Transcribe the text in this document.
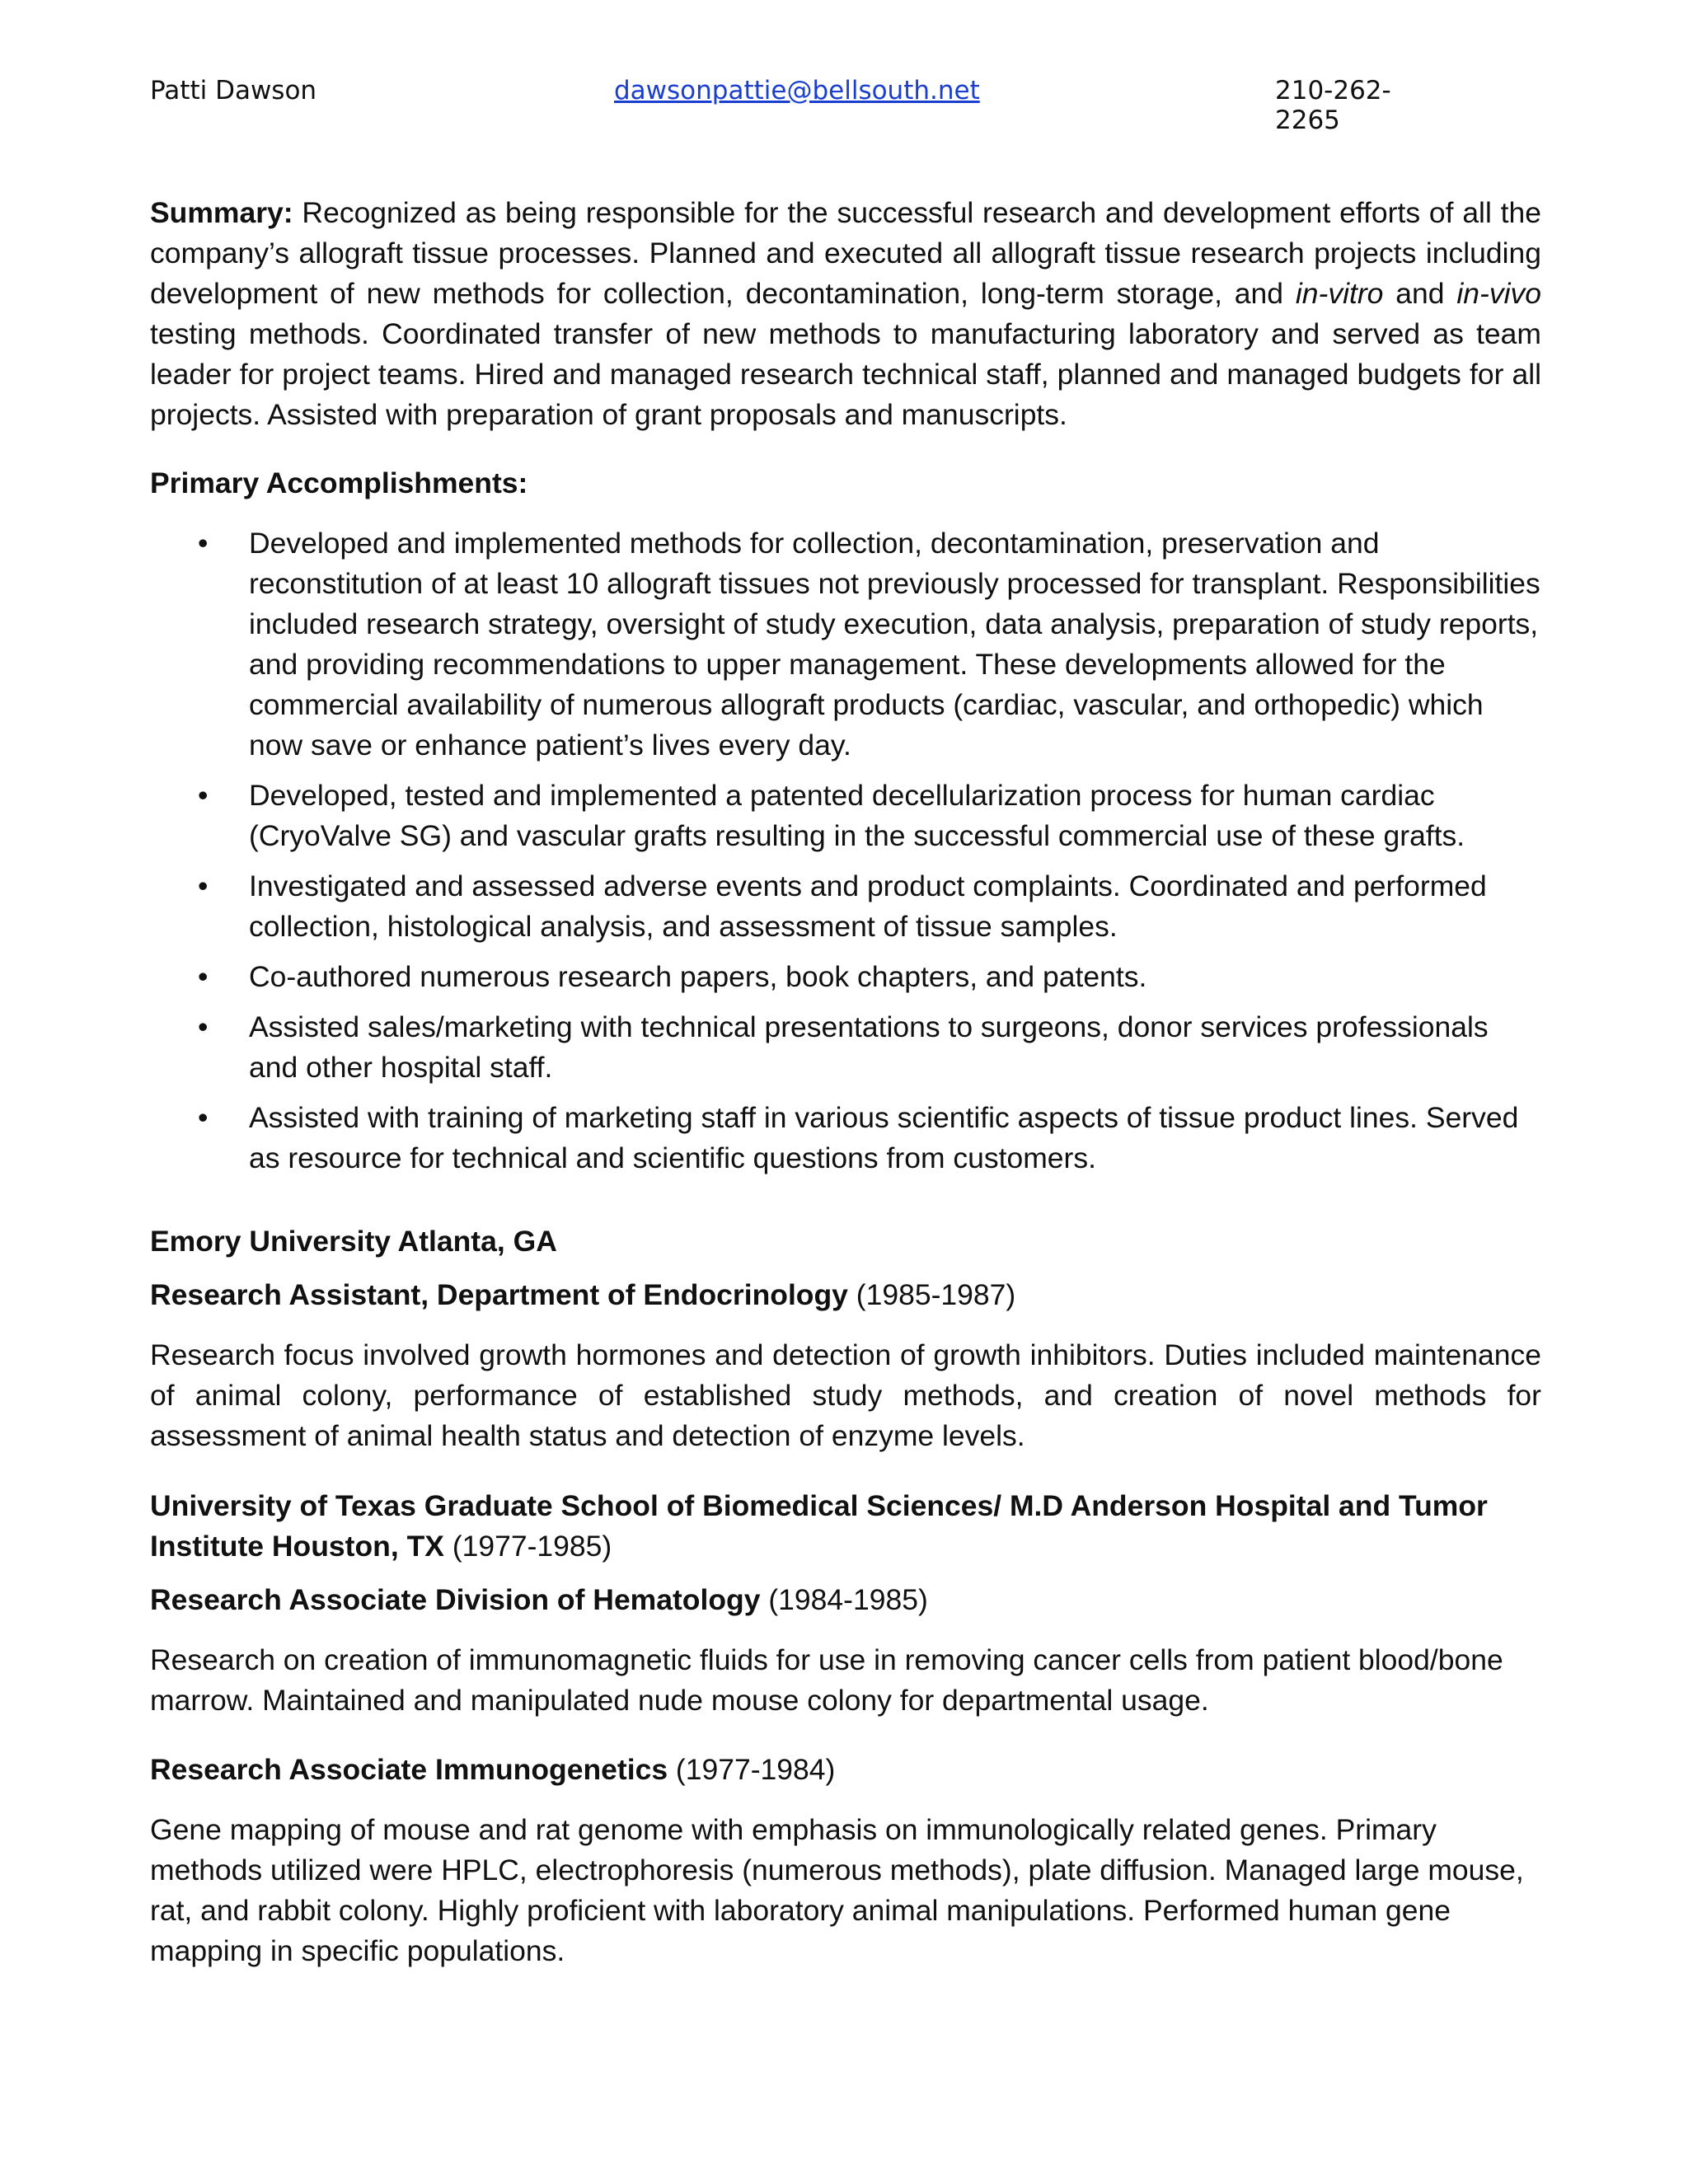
Patti Dawson	dawsonpattie@bellsouth.net	210-262-2265

Summary: Recognized as being responsible for the successful research and development efforts of all the company’s allograft tissue processes. Planned and executed all allograft tissue research projects including development of new methods for collection, decontamination, long-term storage, and in-vitro and in-vivo testing methods. Coordinated transfer of new methods to manufacturing laboratory and served as team leader for project teams. Hired and managed research technical staff, planned and managed budgets for all projects. Assisted with preparation of grant proposals and manuscripts.

Primary Accomplishments:

• Developed and implemented methods for collection, decontamination, preservation and reconstitution of at least 10 allograft tissues not previously processed for transplant. Responsibilities included research strategy, oversight of study execution, data analysis, preparation of study reports, and providing recommendations to upper management. These developments allowed for the commercial availability of numerous allograft products (cardiac, vascular, and orthopedic) which now save or enhance patient’s lives every day.
• Developed, tested and implemented a patented decellularization process for human cardiac (CryoValve SG) and vascular grafts resulting in the successful commercial use of these grafts.
• Investigated and assessed adverse events and product complaints. Coordinated and performed collection, histological analysis, and assessment of tissue samples.
• Co-authored numerous research papers, book chapters, and patents.
• Assisted sales/marketing with technical presentations to surgeons, donor services professionals and other hospital staff.
• Assisted with training of marketing staff in various scientific aspects of tissue product lines. Served as resource for technical and scientific questions from customers.

Emory University Atlanta, GA

Research Assistant, Department of Endocrinology (1985-1987)

Research focus involved growth hormones and detection of growth inhibitors. Duties included maintenance of animal colony, performance of established study methods, and creation of novel methods for assessment of animal health status and detection of enzyme levels.

University of Texas Graduate School of Biomedical Sciences/ M.D Anderson Hospital and Tumor Institute Houston, TX (1977-1985)

Research Associate Division of Hematology (1984-1985)

Research on creation of immunomagnetic fluids for use in removing cancer cells from patient blood/bone marrow. Maintained and manipulated nude mouse colony for departmental usage.

Research Associate Immunogenetics (1977-1984)

Gene mapping of mouse and rat genome with emphasis on immunologically related genes. Primary methods utilized were HPLC, electrophoresis (numerous methods), plate diffusion. Managed large mouse, rat, and rabbit colony. Highly proficient with laboratory animal manipulations. Performed human gene mapping in specific populations.
